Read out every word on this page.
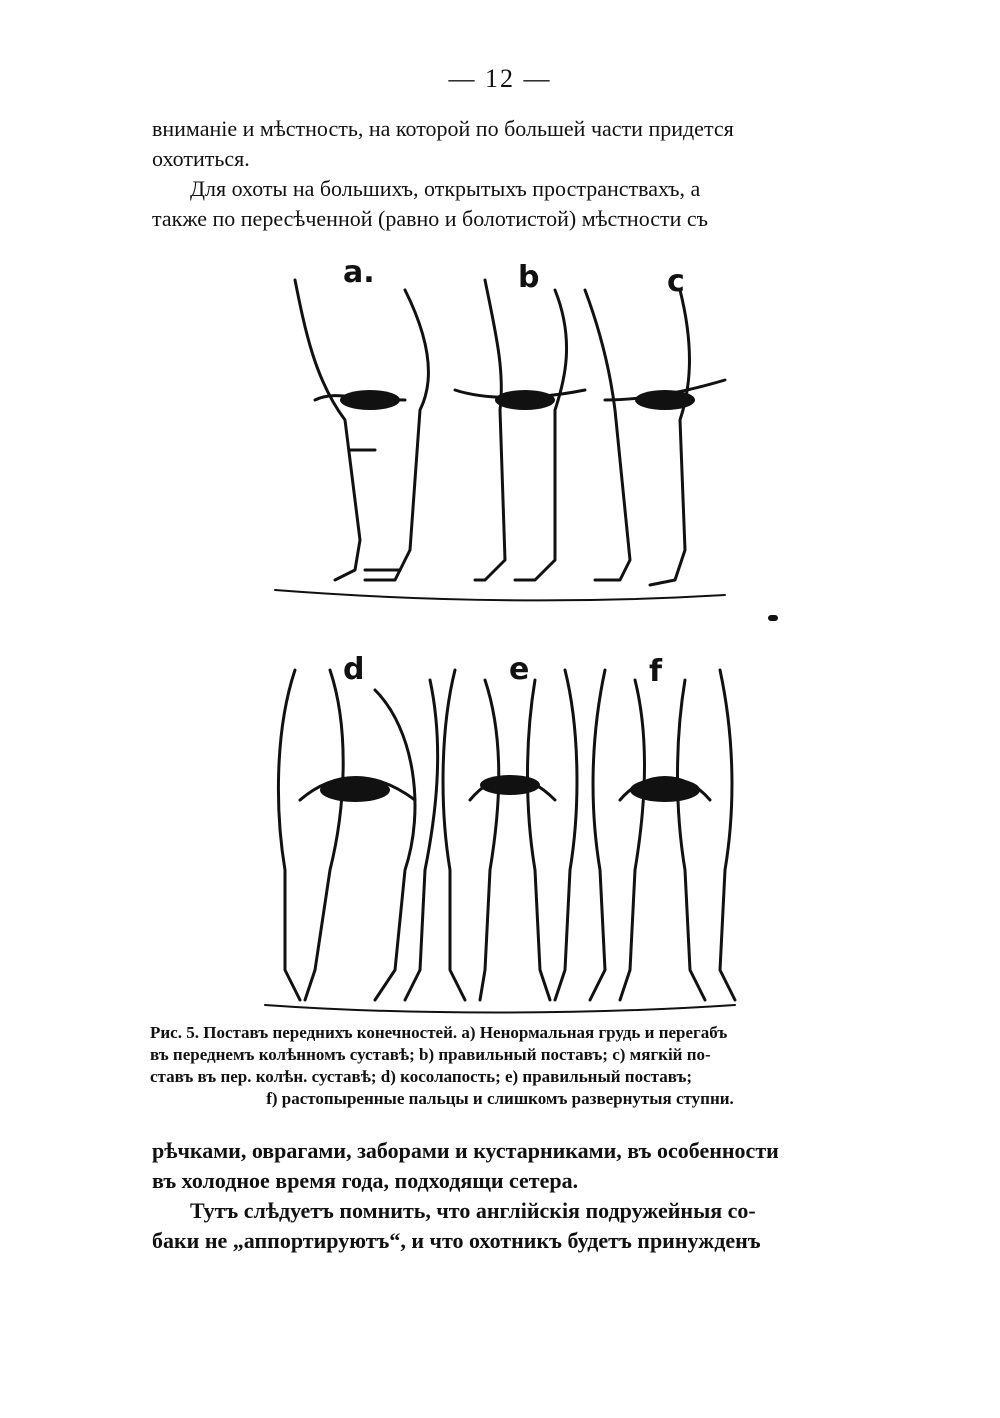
— 12 —

вниманіе и мѣстность, на которой по большей части придется

охотиться.

Для охоты на большихъ, открытыхъ пространствахъ, а

также по пересѣченной (равно и болотистой) мѣстности съ

a.	b	c
d	e	f

Рис. 5. Поставъ переднихъ конечностей. a) Ненормальная грудь и перегабъ

въ переднемъ колѣнномъ суставѣ; b) правильный поставъ; c) мягкій по-

ставъ въ пер. колѣн. суставѣ; d) косолапость; e) правильный поставъ;

f) растопыренные пальцы и слишкомъ развернутыя ступни.

рѣчками, оврагами, заборами и кустарниками, въ особенности

въ холодное время года, подходящи сетера.

Тутъ слѣдуетъ помнить, что англійскія подружейныя со-

баки не „аппортируютъ“, и что охотникъ будетъ принужденъ
